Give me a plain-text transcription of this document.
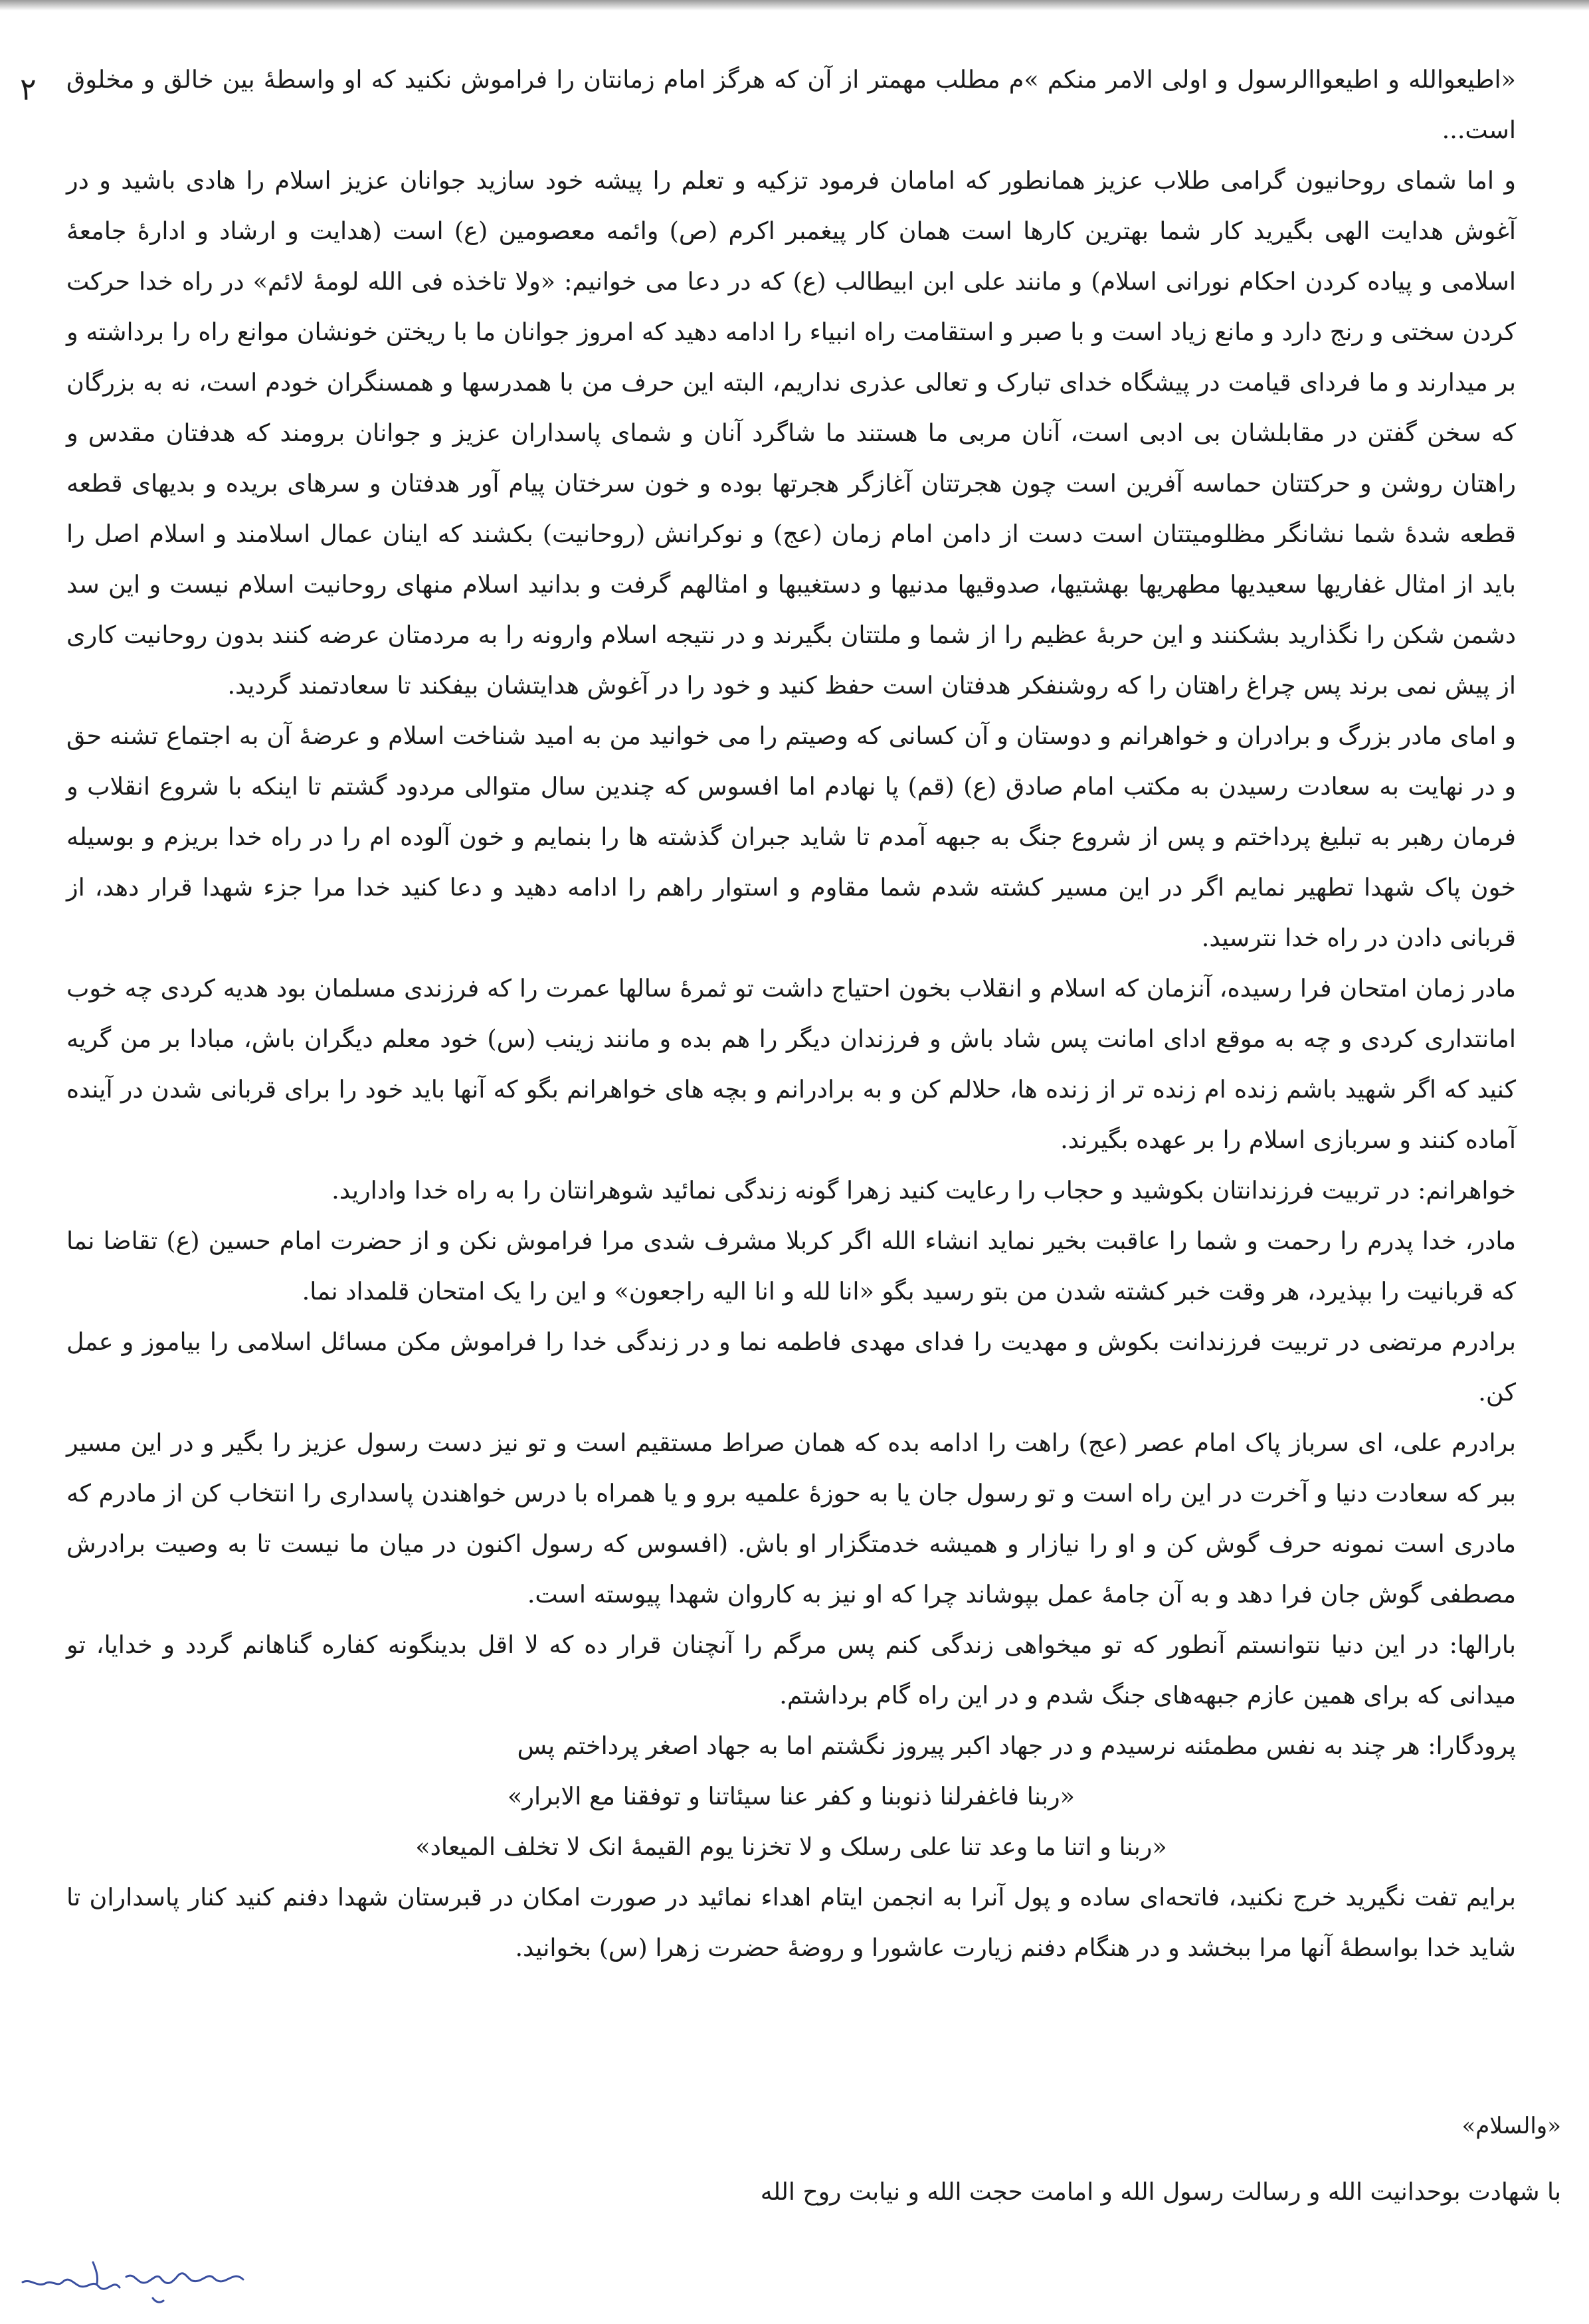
۲ «اطیعوالله و اطیعواالرسول و اولی الامر منکم »م مطلب مهمتر از آن که هرگز امام زمانتان را فراموش نکنید که او واسطهٔ بین خالق و مخلوق است...

و اما شمای روحانیون گرامی طلاب عزیز همانطور که امامان فرمود تزکیه و تعلم را پیشه خود سازید جوانان عزیز اسلام را هادی باشید و در آغوش هدایت الهی بگیرید کار شما بهترین کارها است همان کار پیغمبر اکرم (ص) وائمه معصومین (ع) است (هدایت و ارشاد و ادارهٔ جامعهٔ اسلامی و پیاده کردن احکام نورانی اسلام) و مانند علی ابن ابیطالب (ع) که در دعا می خوانیم: «ولا تاخذه فی الله لومهٔ لائم» در راه خدا حرکت کردن سختی و رنج دارد و مانع زیاد است و با صبر و استقامت راه انبیاء را ادامه دهید که امروز جوانان ما با ریختن خونشان موانع راه را برداشته و بر میدارند و ما فردای قیامت در پیشگاه خدای تبارک و تعالی عذری نداریم، البته این حرف من با همدرسها و همسنگران خودم است، نه به بزرگان که سخن گفتن در مقابلشان بی ادبی است، آنان مربی ما هستند ما شاگرد آنان و شمای پاسداران عزیز و جوانان برومند که هدفتان مقدس و راهتان روشن و حرکتتان حماسه آفرین است چون هجرتتان آغازگر هجرتها بوده و خون سرختان پیام آور هدفتان و سرهای بریده و بدیهای قطعه قطعه شدهٔ شما نشانگر مظلومیتتان است دست از دامن امام زمان (عج) و نوکرانش (روحانیت) بکشند که اینان عمال اسلامند و اسلام اصل را باید از امثال غفاریها سعیدیها مطهریها بهشتیها، صدوقیها مدنیها و دستغیبها و امثالهم گرفت و بدانید اسلام منهای روحانیت اسلام نیست و این سد دشمن شکن را نگذارید بشکنند و این حربهٔ عظیم را از شما و ملتتان بگیرند و در نتیجه اسلام وارونه را به مردمتان عرضه کنند بدون روحانیت کاری از پیش نمی برند پس چراغ راهتان را که روشنفکر هدفتان است حفظ کنید و خود را در آغوش هدایتشان بیفکند تا سعادتمند گردید.

و امای مادر بزرگ و برادران و خواهرانم و دوستان و آن کسانی که وصیتم را می خوانید من به امید شناخت اسلام و عرضهٔ آن به اجتماع تشنه حق و در نهایت به سعادت رسیدن به مکتب امام صادق (ع) (قم) پا نهادم اما افسوس که چندین سال متوالی مردود گشتم تا اینکه با شروع انقلاب و فرمان رهبر به تبلیغ پرداختم و پس از شروع جنگ به جبهه آمدم تا شاید جبران گذشته ها را بنمایم و خون آلوده ام را در راه خدا بریزم و بوسیله خون پاک شهدا تطهیر نمایم اگر در این مسیر کشته شدم شما مقاوم و استوار راهم را ادامه دهید و دعا کنید خدا مرا جزء شهدا قرار دهد، از قربانی دادن در راه خدا نترسید.

مادر زمان امتحان فرا رسیده، آنزمان که اسلام و انقلاب بخون احتیاج داشت تو ثمرهٔ سالها عمرت را که فرزندی مسلمان بود هدیه کردی چه خوب امانتداری کردی و چه به موقع ادای امانت پس شاد باش و فرزندان دیگر را هم بده و مانند زینب (س) خود معلم دیگران باش، مبادا بر من گریه کنید که اگر شهید باشم زنده ام زنده تر از زنده ها، حلالم کن و به برادرانم و بچه های خواهرانم بگو که آنها باید خود را برای قربانی شدن در آینده آماده کنند و سربازی اسلام را بر عهده بگیرند.

خواهرانم: در تربیت فرزندانتان بکوشید و حجاب را رعایت کنید زهرا گونه زندگی نمائید شوهرانتان را به راه خدا وادارید.

مادر، خدا پدرم را رحمت و شما را عاقبت بخیر نماید انشاء الله اگر کربلا مشرف شدی مرا فراموش نکن و از حضرت امام حسین (ع) تقاضا نما که قربانیت را بپذیرد، هر وقت خبر کشته شدن من بتو رسید بگو «انا لله و انا الیه راجعون» و این را یک امتحان قلمداد نما.

برادرم مرتضی در تربیت فرزندانت بکوش و مهدیت را فدای مهدی فاطمه نما و در زندگی خدا را فراموش مکن مسائل اسلامی را بیاموز و عمل کن.

برادرم علی، ای سرباز پاک امام عصر (عج) راهت را ادامه بده که همان صراط مستقیم است و تو نیز دست رسول عزیز را بگیر و در این مسیر ببر که سعادت دنیا و آخرت در این راه است و تو رسول جان یا به حوزهٔ علمیه برو و یا همراه با درس خواهندن پاسداری را انتخاب کن از مادرم که مادری است نمونه حرف گوش کن و او را نیازار و همیشه خدمتگزار او باش. (افسوس که رسول اکنون در میان ما نیست تا به وصیت برادرش مصطفی گوش جان فرا دهد و به آن جامهٔ عمل بپوشاند چرا که او نیز به کاروان شهدا پیوسته است.

بارالها: در این دنیا نتوانستم آنطور که تو میخواهی زندگی کنم پس مرگم را آنچنان قرار ده که لا اقل بدینگونه کفاره گناهانم گردد و خدایا، تو میدانی که برای همین عازم جبهه‌های جنگ شدم و در این راه گام برداشتم.

پرودگارا: هر چند به نفس مطمئنه نرسیدم و در جهاد اکبر پیروز نگشتم اما به جهاد اصغر پرداختم پس

«ربنا فاغفرلنا ذنوبنا و کفر عنا سیئاتنا و توفقنا مع الابرار»

«ربنا و اتنا ما وعد تنا علی رسلک و لا تخزنا یوم القیمهٔ انک لا تخلف المیعاد»

برایم تفت نگیرید خرج نکنید، فاتحه‌ای ساده و پول آنرا به انجمن ایتام اهداء نمائید در صورت امکان در قبرستان شهدا دفنم کنید کنار پاسداران تا شاید خدا بواسطهٔ آنها مرا ببخشد و در هنگام دفنم زیارت عاشورا و روضهٔ حضرت زهرا (س) بخوانید.

«والسلام»
با شهادت بوحدانیت الله و رسالت رسول الله و امامت حجت الله و نیابت روح الله
